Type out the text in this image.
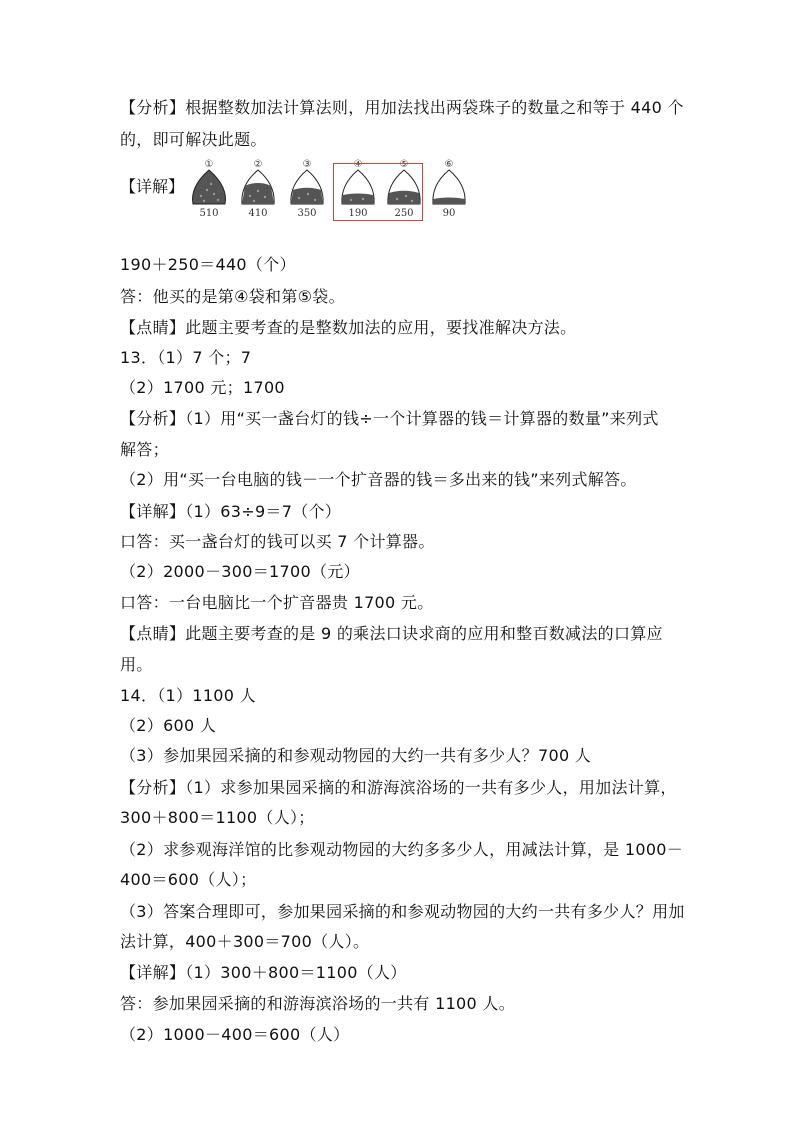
【分析】根据整数加法计算法则，用加法找出两袋珠子的数量之和等于 440 个
的，即可解决此题。
【详解】
①
510
②
410
③
350
④
190
⑤
250
⑥
90
190＋250＝440（个）
答：他买的是第④袋和第⑤袋。
【点睛】此题主要考查的是整数加法的应用，要找准解决方法。
13．（1）7 个；7
（2）1700 元；1700
【分析】（1）用“买一盏台灯的钱÷一个计算器的钱＝计算器的数量”来列式
解答；
（2）用“买一台电脑的钱－一个扩音器的钱＝多出来的钱”来列式解答。
【详解】（1）63÷9＝7（个）
口答：买一盏台灯的钱可以买 7 个计算器。
（2）2000－300＝1700（元）
口答：一台电脑比一个扩音器贵 1700 元。
【点睛】此题主要考查的是 9 的乘法口诀求商的应用和整百数减法的口算应
用。
14．（1）1100 人
（2）600 人
（3）参加果园采摘的和参观动物园的大约一共有多少人？700 人
【分析】（1）求参加果园采摘的和游海滨浴场的一共有多少人，用加法计算，
300＋800＝1100（人）；
（2）求参观海洋馆的比参观动物园的大约多多少人，用减法计算，是 1000－
400＝600（人）；
（3）答案合理即可，参加果园采摘的和参观动物园的大约一共有多少人？用加
法计算，400＋300＝700（人）。
【详解】（1）300＋800＝1100（人）
答：参加果园采摘的和游海滨浴场的一共有 1100 人。
（2）1000－400＝600（人）
